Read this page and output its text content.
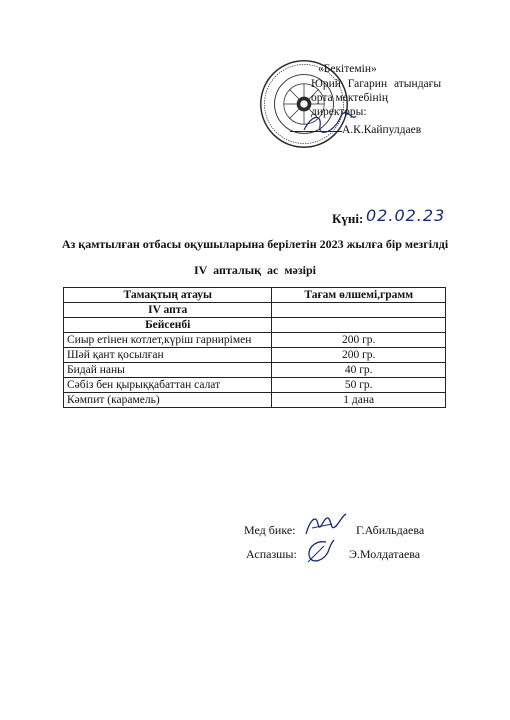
«Бекітемін»
Юрий Гагарин атындағы
орта мектебінің
директоры:
А.К.Кайпулдаев
Күні: 02.02.23
Аз қамтылған отбасы оқушыларына берілетін 2023 жылға бір мезгілді
IV апталық ас мәзірі
Тамақтың атауы	Тағам өлшемі,грамм
IV апта	
Бейсенбі	
Сиыр етінен котлет,күріш гарнирімен	200 гр.
Шәй қант қосылған	200 гр.
Бидай наны	40 гр.
Сәбіз бен қырыққабаттан салат	50 гр.
Кәмпит (карамель)	1 дана
Мед бике:	Г.Абильдаева
Аспазшы:	Э.Молдатаева
